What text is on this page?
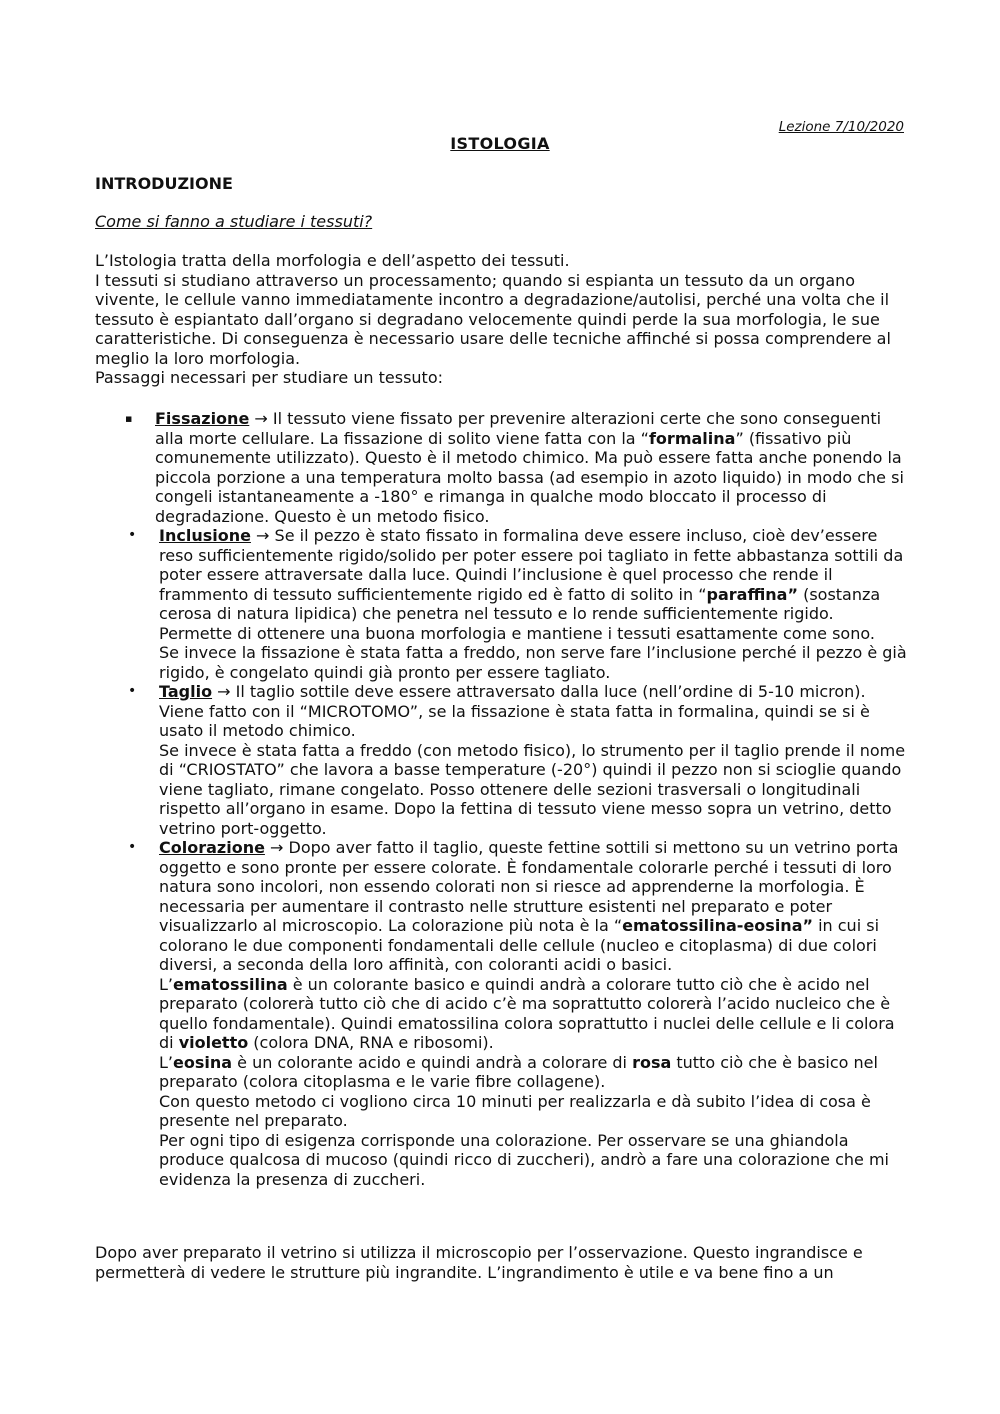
Lezione 7/10/2020
ISTOLOGIA
INTRODUZIONE
Come si fanno a studiare i tessuti?

L’Istologia tratta della morfologia e dell’aspetto dei tessuti.

I tessuti si studiano attraverso un processamento; quando si espianta un tessuto da un organo vivente, le cellule vanno immediatamente incontro a degradazione/autolisi, perché una volta che il tessuto è espiantato dall’organo si degradano velocemente quindi perde la sua morfologia, le sue caratteristiche. Di conseguenza è necessario usare delle tecniche affinché si possa comprendere al meglio la loro morfologia.

Passaggi necessari per studiare un tessuto:

▪ Fissazione → Il tessuto viene fissato per prevenire alterazioni certe che sono conseguenti alla morte cellulare. La fissazione di solito viene fatta con la “formalina” (fissativo più comunemente utilizzato). Questo è il metodo chimico. Ma può essere fatta anche ponendo la piccola porzione a una temperatura molto bassa (ad esempio in azoto liquido) in modo che si congeli istantaneamente a -180° e rimanga in qualche modo bloccato il processo di degradazione. Questo è un metodo fisico.

• Inclusione → Se il pezzo è stato fissato in formalina deve essere incluso, cioè dev’essere reso sufficientemente rigido/solido per poter essere poi tagliato in fette abbastanza sottili da poter essere attraversate dalla luce. Quindi l’inclusione è quel processo che rende il frammento di tessuto sufficientemente rigido ed è fatto di solito in “paraffina” (sostanza cerosa di natura lipidica) che penetra nel tessuto e lo rende sufficientemente rigido. Permette di ottenere una buona morfologia e mantiene i tessuti esattamente come sono.

Se invece la fissazione è stata fatta a freddo, non serve fare l’inclusione perché il pezzo è già rigido, è congelato quindi già pronto per essere tagliato.

• Taglio → Il taglio sottile deve essere attraversato dalla luce (nell’ordine di 5-10 micron). Viene fatto con il “MICROTOMO”, se la fissazione è stata fatta in formalina, quindi se si è usato il metodo chimico.

Se invece è stata fatta a freddo (con metodo fisico), lo strumento per il taglio prende il nome di “CRIOSTATO” che lavora a basse temperature (-20°) quindi il pezzo non si scioglie quando viene tagliato, rimane congelato. Posso ottenere delle sezioni trasversali o longitudinali rispetto all’organo in esame. Dopo la fettina di tessuto viene messo sopra un vetrino, detto vetrino port-oggetto.

• Colorazione → Dopo aver fatto il taglio, queste fettine sottili si mettono su un vetrino porta oggetto e sono pronte per essere colorate. È fondamentale colorarle perché i tessuti di loro natura sono incolori, non essendo colorati non si riesce ad apprenderne la morfologia. È necessaria per aumentare il contrasto nelle strutture esistenti nel preparato e poter visualizzarlo al microscopio. La colorazione più nota è la “ematossilina-eosina” in cui si colorano le due componenti fondamentali delle cellule (nucleo e citoplasma) di due colori diversi, a seconda della loro affinità, con coloranti acidi o basici.

L’ematossilina è un colorante basico e quindi andrà a colorare tutto ciò che è acido nel preparato (colorerà tutto ciò che di acido c’è ma soprattutto colorerà l’acido nucleico che è quello fondamentale). Quindi ematossilina colora soprattutto i nuclei delle cellule e li colora di violetto (colora DNA, RNA e ribosomi).

L’eosina è un colorante acido e quindi andrà a colorare di rosa tutto ciò che è basico nel preparato (colora citoplasma e le varie fibre collagene).

Con questo metodo ci vogliono circa 10 minuti per realizzarla e dà subito l’idea di cosa è presente nel preparato.

Per ogni tipo di esigenza corrisponde una colorazione. Per osservare se una ghiandola produce qualcosa di mucoso (quindi ricco di zuccheri), andrò a fare una colorazione che mi evidenza la presenza di zuccheri.

Dopo aver preparato il vetrino si utilizza il microscopio per l’osservazione. Questo ingrandisce e permetterà di vedere le strutture più ingrandite. L’ingrandimento è utile e va bene fino a un
